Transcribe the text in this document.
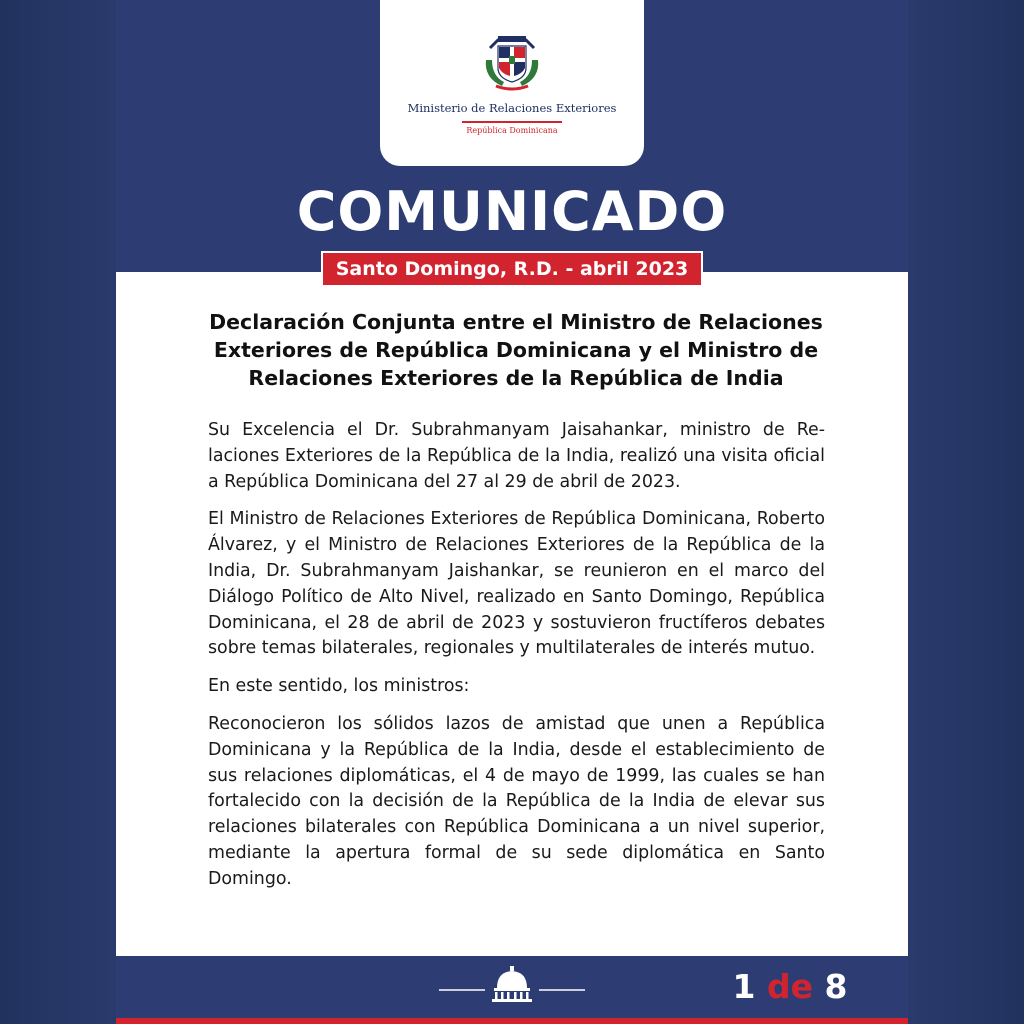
Ministerio de Relaciones Exteriores
República Dominicana
COMUNICADO
Santo Domingo, R.D. - abril 2023
Declaración Conjunta entre el Ministro de Relaciones Exteriores de República Dominicana y el Ministro de Relaciones Exteriores de la República de India

Su Excelencia el Dr. Subrahmanyam Jaisahankar, ministro de Re-laciones Exteriores de la República de la India, realizó una visita oficial a República Dominicana del 27 al 29 de abril de 2023.

El Ministro de Relaciones Exteriores de República Dominicana, Roberto Álvarez, y el Ministro de Relaciones Exteriores de la República de la India, Dr. Subrahmanyam Jaishankar, se reunieron en el marco del Diálogo Político de Alto Nivel, realizado en Santo Domingo, República Dominicana, el 28 de abril de 2023 y sostuvieron fructíferos debates sobre temas bilaterales, regionales y multilaterales de interés mutuo.

En este sentido, los ministros:

Reconocieron los sólidos lazos de amistad que unen a República Dominicana y la República de la India, desde el establecimiento de sus relaciones diplomáticas, el 4 de mayo de 1999, las cuales se han fortalecido con la decisión de la República de la India de elevar sus relaciones bilaterales con República Dominicana a un nivel superior, mediante la apertura formal de su sede diplomática en Santo Domingo.

1 de 8
